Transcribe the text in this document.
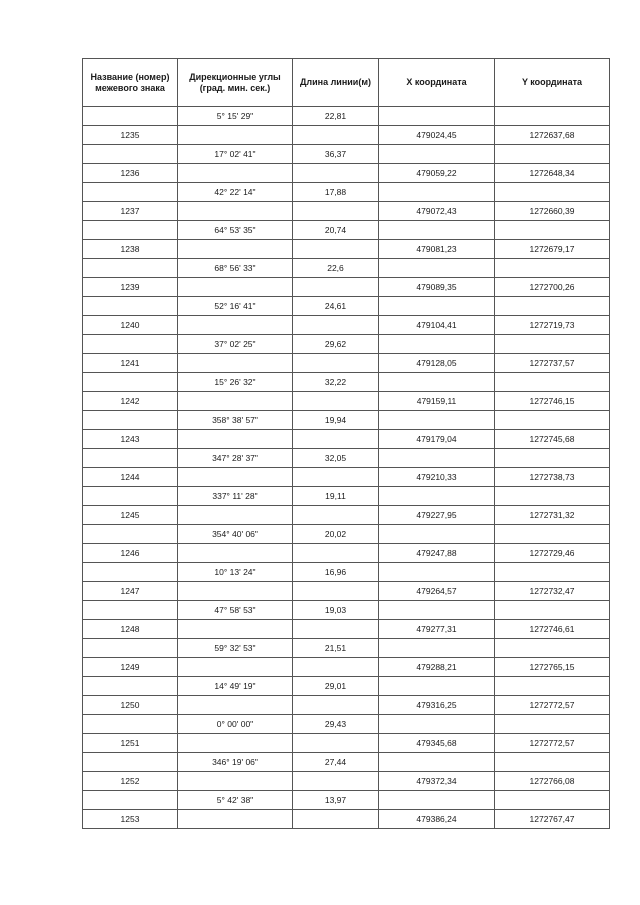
Название (номер) межевого знака	Дирекционные углы (град. мин. сек.)	Длина линии(м)	X координата	Y координата
	5° 15' 29"	22,81		
1235			479024,45	1272637,68
	17° 02' 41"	36,37		
1236			479059,22	1272648,34
	42° 22' 14"	17,88		
1237			479072,43	1272660,39
	64° 53' 35"	20,74		
1238			479081,23	1272679,17
	68° 56' 33"	22,6		
1239			479089,35	1272700,26
	52° 16' 41"	24,61		
1240			479104,41	1272719,73
	37° 02' 25"	29,62		
1241			479128,05	1272737,57
	15° 26' 32"	32,22		
1242			479159,11	1272746,15
	358° 38' 57"	19,94		
1243			479179,04	1272745,68
	347° 28' 37"	32,05		
1244			479210,33	1272738,73
	337° 11' 28"	19,11		
1245			479227,95	1272731,32
	354° 40' 06"	20,02		
1246			479247,88	1272729,46
	10° 13' 24"	16,96		
1247			479264,57	1272732,47
	47° 58' 53"	19,03		
1248			479277,31	1272746,61
	59° 32' 53"	21,51		
1249			479288,21	1272765,15
	14° 49' 19"	29,01		
1250			479316,25	1272772,57
	0° 00' 00"	29,43		
1251			479345,68	1272772,57
	346° 19' 06"	27,44		
1252			479372,34	1272766,08
	5° 42' 38"	13,97		
1253			479386,24	1272767,47
